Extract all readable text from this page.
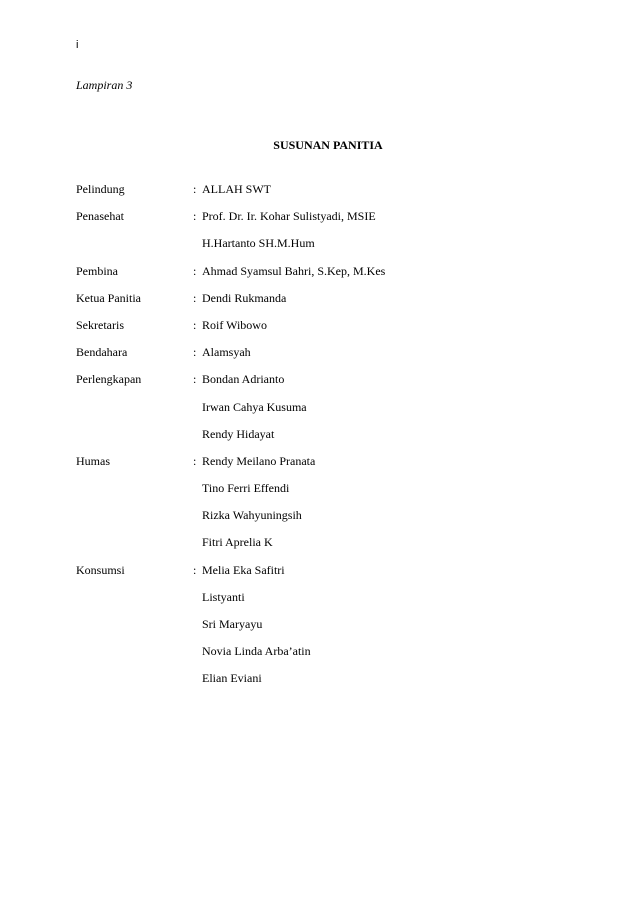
i
Lampiran 3
SUSUNAN PANITIA
Pelindung	: ALLAH SWT
Penasehat	: Prof. Dr. Ir. Kohar Sulistyadi, MSIE
H.Hartanto SH.M.Hum
Pembina	: Ahmad Syamsul Bahri, S.Kep, M.Kes
Ketua Panitia	: Dendi Rukmanda
Sekretaris	: Roif Wibowo
Bendahara	: Alamsyah
Perlengkapan	: Bondan Adrianto
Irwan Cahya Kusuma
Rendy Hidayat
Humas	: Rendy Meilano Pranata
Tino Ferri Effendi
Rizka Wahyuningsih
Fitri Aprelia K
Konsumsi	: Melia Eka Safitri
Listyanti
Sri Maryayu
Novia Linda Arba’atin
Elian Eviani
